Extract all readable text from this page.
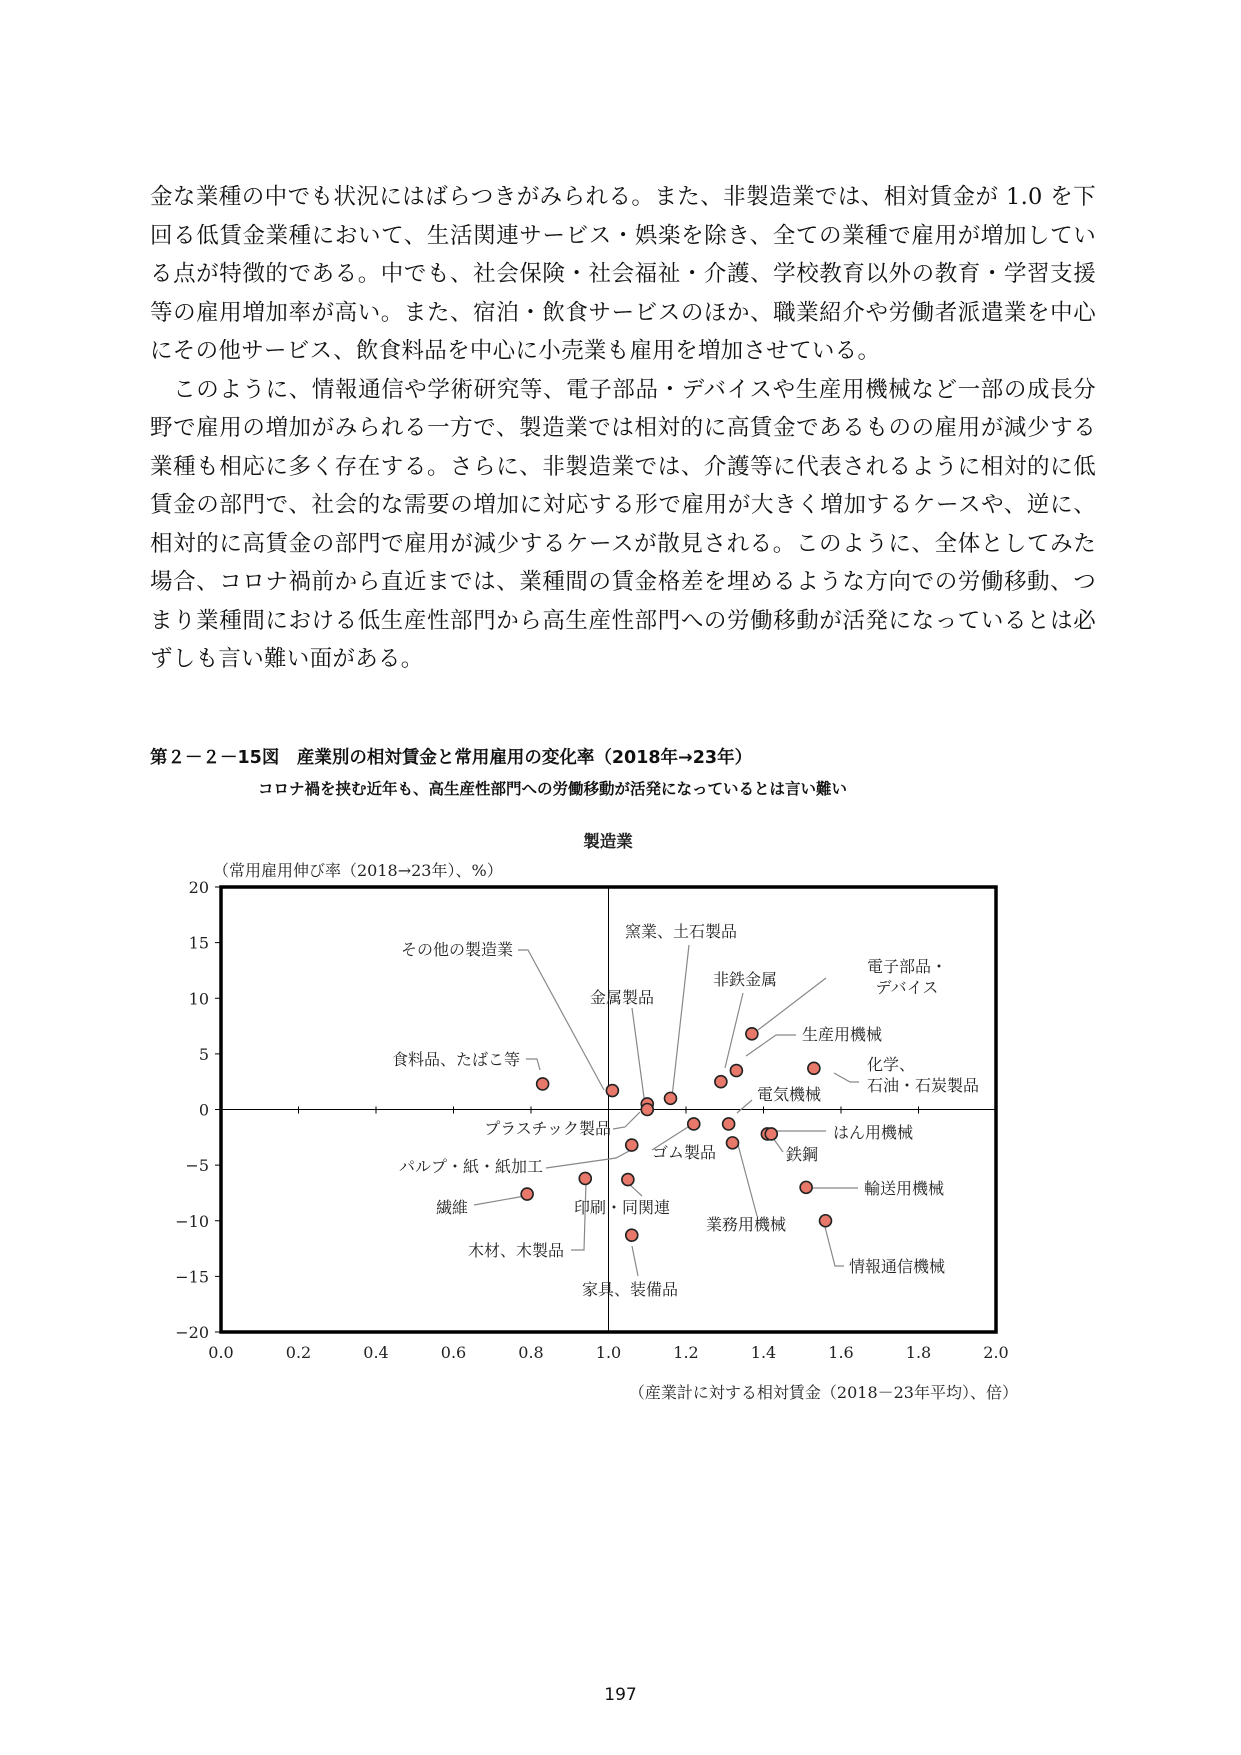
金な業種の中でも状況にはばらつきがみられる。また、非製造業では、相対賃金が 1.0 を下回る低賃金業種において、生活関連サービス・娯楽を除き、全ての業種で雇用が増加している点が特徴的である。中でも、社会保険・社会福祉・介護、学校教育以外の教育・学習支援等の雇用増加率が高い。また、宿泊・飲食サービスのほか、職業紹介や労働者派遣業を中心にその他サービス、飲食料品を中心に小売業も雇用を増加させている。

　このように、情報通信や学術研究等、電子部品・デバイスや生産用機械など一部の成長分野で雇用の増加がみられる一方で、製造業では相対的に高賃金であるものの雇用が減少する業種も相応に多く存在する。さらに、非製造業では、介護等に代表されるように相対的に低賃金の部門で、社会的な需要の増加に対応する形で雇用が大きく増加するケースや、逆に、相対的に高賃金の部門で雇用が減少するケースが散見される。このように、全体としてみた場合、コロナ禍前から直近までは、業種間の賃金格差を埋めるような方向での労働移動、つまり業種間における低生産性部門から高生産性部門への労働移動が活発になっているとは必ずしも言い難い面がある。

第２－２－15図　産業別の相対賃金と常用雇用の変化率（2018年→23年）
コロナ禍を挟む近年も、高生産性部門への労働移動が活発になっているとは言い難い
製造業
（常用雇用伸び率（2018→23年）、%）
（産業計に対する相対賃金（2018－23年平均）、倍）
0.0	0.2	0.4	0.6	0.8	1.0	1.2	1.4	1.6	1.8	2.0
20
15
10
5
0
−5
−10
−15
−20
食料品、たばこ等
その他の製造業
金属製品
窯業、土石製品
非鉄金属
電子部品・デバイス
生産用機械
化学、石油・石炭製品
電気機械
はん用機械
鉄鋼
プラスチック製品
ゴム製品
パルプ・紙・紙加工
業務用機械
輸送用機械
印刷・同関連
繊維
木材、木製品
情報通信機械
家具、装備品
197
